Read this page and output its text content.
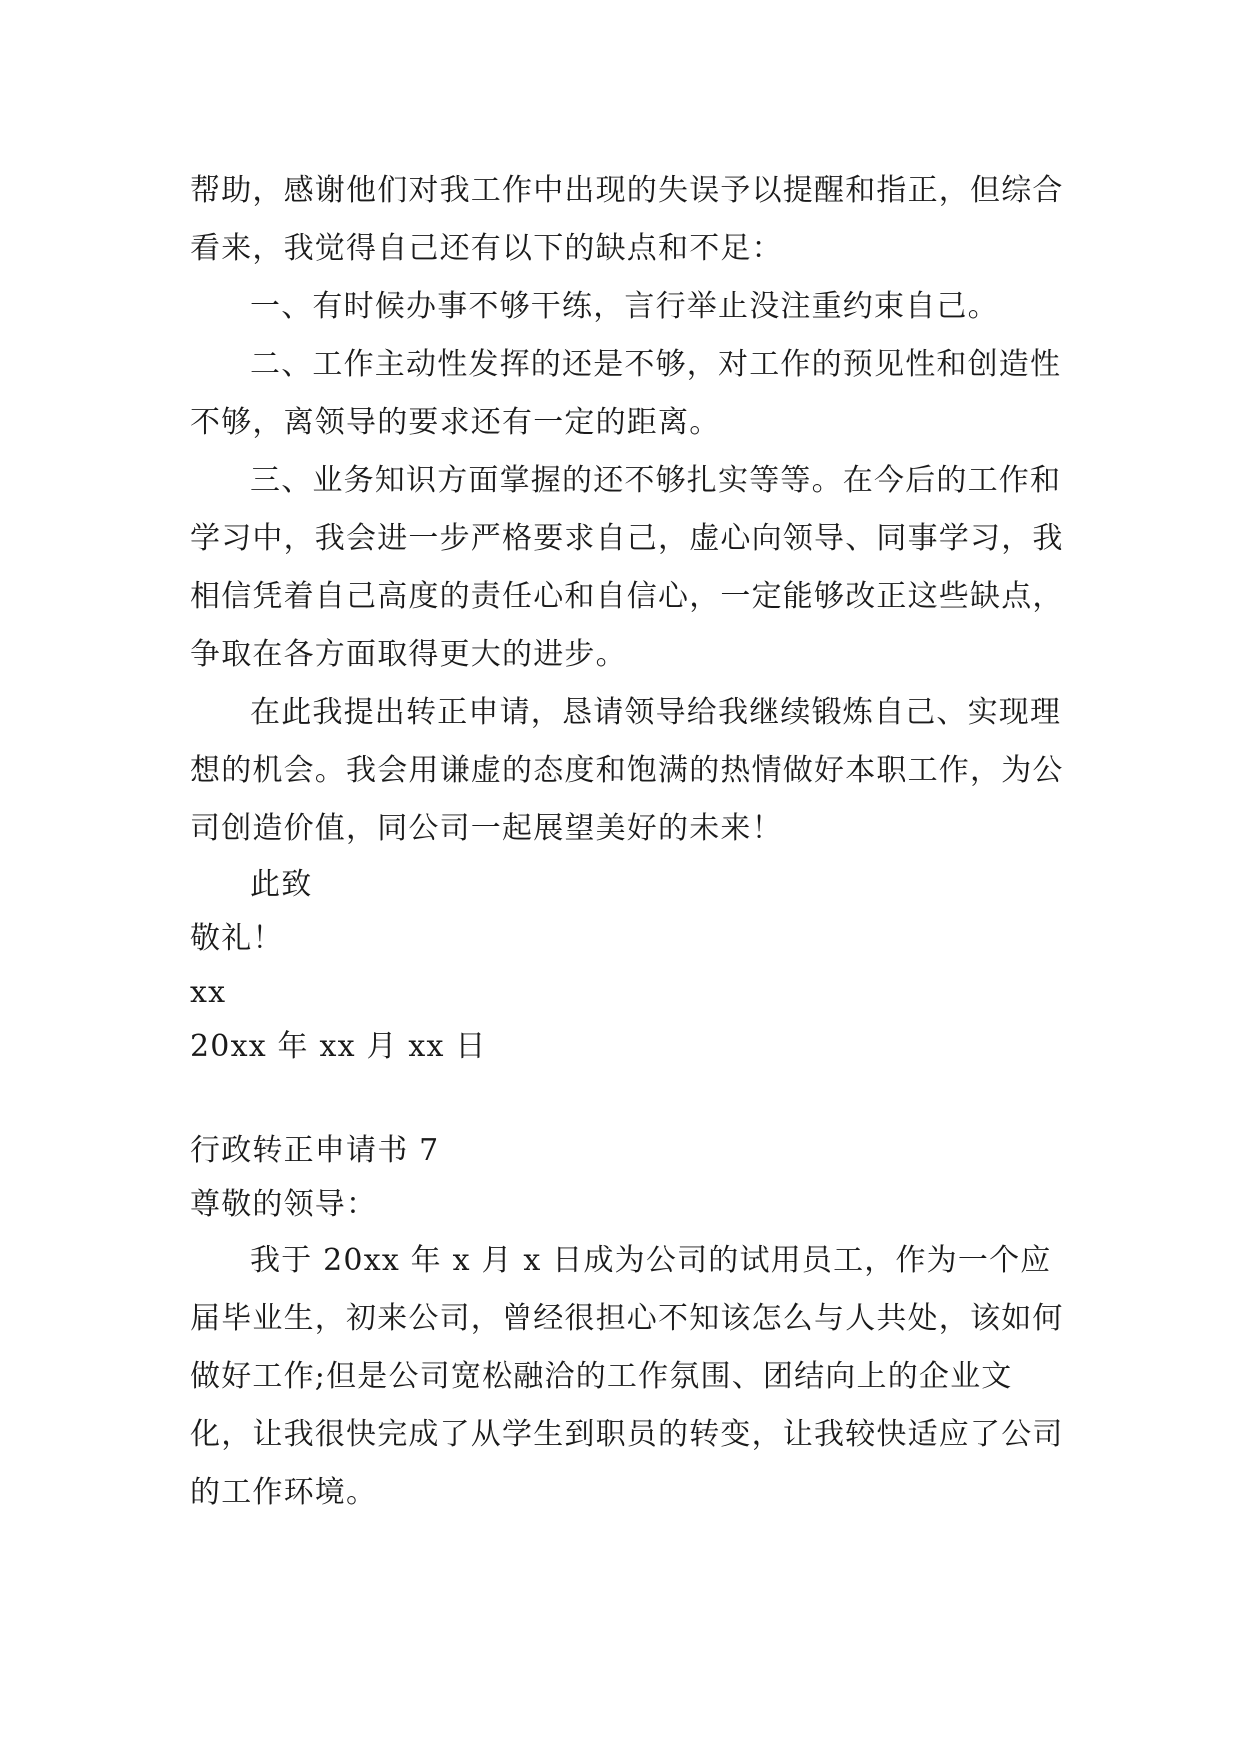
帮助，感谢他们对我工作中出现的失误予以提醒和指正，但综合看来，我觉得自己还有以下的缺点和不足：

一、有时候办事不够干练，言行举止没注重约束自己。

二、工作主动性发挥的还是不够，对工作的预见性和创造性不够，离领导的要求还有一定的距离。

三、业务知识方面掌握的还不够扎实等等。在今后的工作和学习中，我会进一步严格要求自己，虚心向领导、同事学习，我相信凭着自己高度的责任心和自信心，一定能够改正这些缺点，争取在各方面取得更大的进步。

在此我提出转正申请，恳请领导给我继续锻炼自己、实现理想的机会。我会用谦虚的态度和饱满的热情做好本职工作，为公司创造价值，同公司一起展望美好的未来！

此致

敬礼！

xx

20xx 年 xx 月 xx 日

行政转正申请书 7

尊敬的领导：

我于 20xx 年 x 月 x 日成为公司的试用员工，作为一个应届毕业生，初来公司，曾经很担心不知该怎么与人共处，该如何做好工作;但是公司宽松融洽的工作氛围、团结向上的企业文化，让我很快完成了从学生到职员的转变，让我较快适应了公司的工作环境。
